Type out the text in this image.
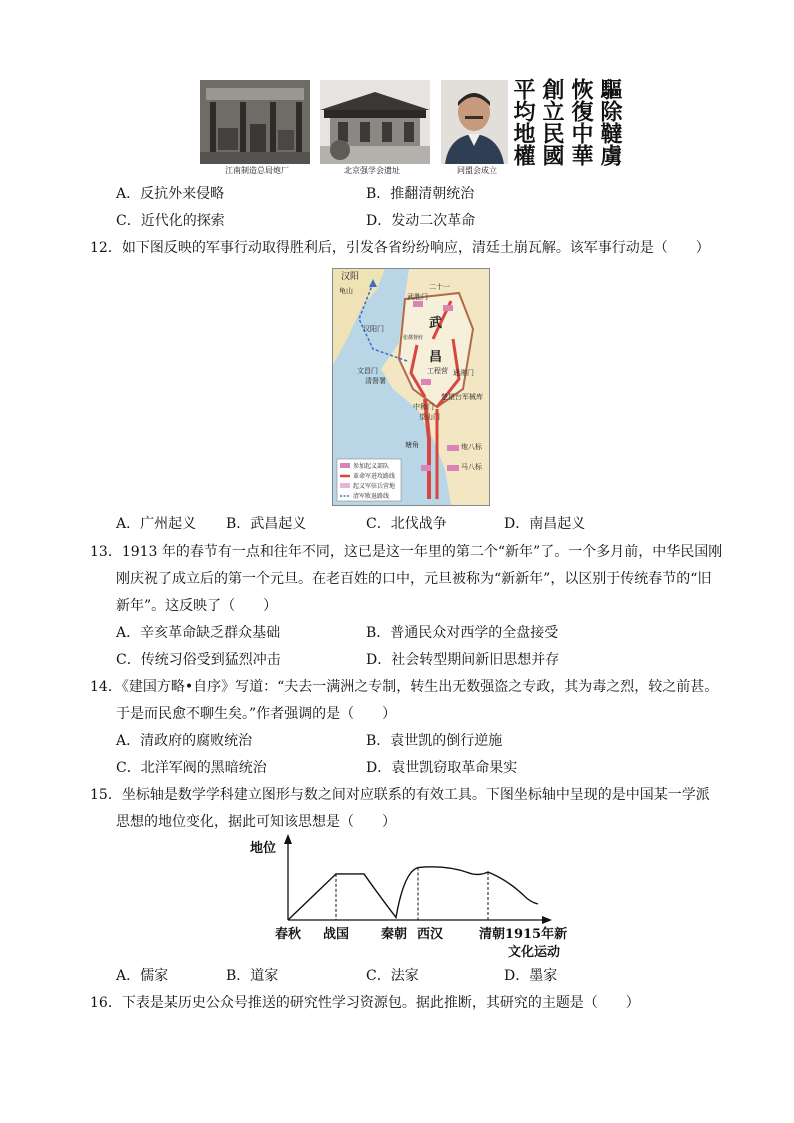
驅除韃虜
恢復中華
創立民國
平均地權
江南制造总局炮厂	北京强学会遗址	同盟会成立
A．反抗外来侵略	B．推翻清朝统治
C．近代化的探索	D．发动二次革命
12．如下图反映的军事行动取得胜利后，引发各省纷纷响应，清廷土崩瓦解。该军事行动是（　　）
汉阳
龟山	二十一
武胜门
武
汉阳门
昌
文昌门
清督署
通湘门
工程营
楚望台军械库
中和门
望山门
塘角	炮八标
马八标
张都督府
参加起义部队
革命军进攻路线
起义军驻兵营地
清军败退路线
A．广州起义 B．武昌起义	C．北伐战争	D．南昌起义
13．1913 年的春节有一点和往年不同，这已是这一年里的第二个“新年”了。一个多月前，中华民国刚
刚庆祝了成立后的第一个元旦。在老百姓的口中，元旦被称为“新新年”，以区别于传统春节的“旧
新年”。这反映了（　　）
A．辛亥革命缺乏群众基础	B．普通民众对西学的全盘接受
C．传统习俗受到猛烈冲击	D．社会转型期间新旧思想并存
14．《建国方略•自序》写道：“夫去一满洲之专制，转生出无数强盗之专政，其为毒之烈，较之前甚。
于是而民愈不聊生矣。”作者强调的是（　　）
A．清政府的腐败统治	B．袁世凯的倒行逆施
C．北洋军阀的黑暗统治	D．袁世凯窃取革命果实
15．坐标轴是数学学科建立图形与数之间对应联系的有效工具。下图坐标轴中呈现的是中国某一学派
思想的地位变化，据此可知该思想是（　　）
地位
春秋 战国 秦朝 西汉	清朝 1915年新
文化运动
A．儒家	B．道家	C．法家	D．墨家
16．下表是某历史公众号推送的研究性学习资源包。据此推断，其研究的主题是（　　）
